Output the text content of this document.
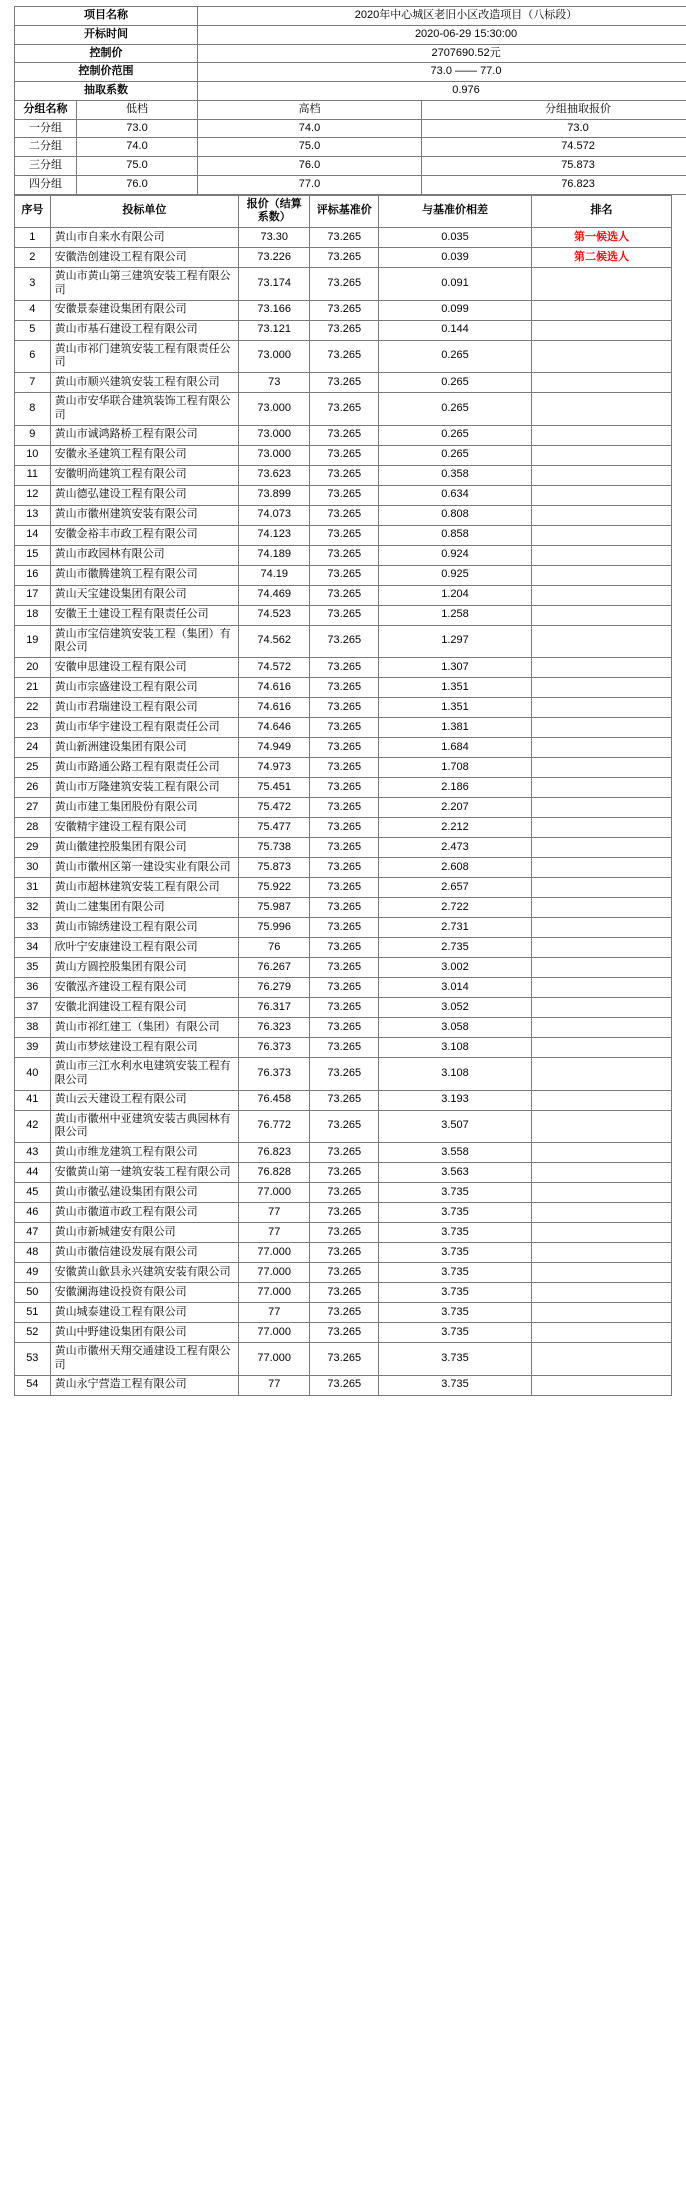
项目名称		2020年中心城区老旧小区改造项目（八标段）	
开标时间		2020-06-29 15:30:00	
控制价		2707690.52元	
控制价范围		73.0 —— 77.0	
抽取系数		0.976	
分组名称	低档	高档	分组抽取报价
一分组	73.0	74.0	73.0
二分组	74.0	75.0	74.572
三分组	75.0	76.0	75.873
四分组	76.0	77.0	76.823
序号	投标单位	报价（结算系数）	评标基准价	与基准价相差	排名
1	黄山市自来水有限公司	73.30	73.265	0.035	第一候选人
2	安徽浩创建设工程有限公司	73.226	73.265	0.039	第二候选人
3	黄山市黄山第三建筑安装工程有限公司	73.174	73.265	0.091	
4	安徽景泰建设集团有限公司	73.166	73.265	0.099	
5	黄山市基石建设工程有限公司	73.121	73.265	0.144	
6	黄山市祁门建筑安装工程有限责任公司	73.000	73.265	0.265	
7	黄山市顺兴建筑安装工程有限公司	73	73.265	0.265	
8	黄山市安华联合建筑装饰工程有限公司	73.000	73.265	0.265	
9	黄山市诚鸿路桥工程有限公司	73.000	73.265	0.265	
10	安徽永圣建筑工程有限公司	73.000	73.265	0.265	
11	安徽明尚建筑工程有限公司	73.623	73.265	0.358	
12	黄山德弘建设工程有限公司	73.899	73.265	0.634	
13	黄山市徽州建筑安装有限公司	74.073	73.265	0.808	
14	安徽金裕丰市政工程有限公司	74.123	73.265	0.858	
15	黄山市政园林有限公司	74.189	73.265	0.924	
16	黄山市徽腾建筑工程有限公司	74.19	73.265	0.925	
17	黄山天宝建设集团有限公司	74.469	73.265	1.204	
18	安徽王土建设工程有限责任公司	74.523	73.265	1.258	
19	黄山市宝信建筑安装工程（集团）有限公司	74.562	73.265	1.297	
20	安徽申思建设工程有限公司	74.572	73.265	1.307	
21	黄山市宗盛建设工程有限公司	74.616	73.265	1.351	
22	黄山市君瑞建设工程有限公司	74.616	73.265	1.351	
23	黄山市华宇建设工程有限责任公司	74.646	73.265	1.381	
24	黄山新洲建设集团有限公司	74.949	73.265	1.684	
25	黄山市路通公路工程有限责任公司	74.973	73.265	1.708	
26	黄山市万隆建筑安装工程有限公司	75.451	73.265	2.186	
27	黄山市建工集团股份有限公司	75.472	73.265	2.207	
28	安徽精宇建设工程有限公司	75.477	73.265	2.212	
29	黄山徽建控股集团有限公司	75.738	73.265	2.473	
30	黄山市徽州区第一建设实业有限公司	75.873	73.265	2.608	
31	黄山市超林建筑安装工程有限公司	75.922	73.265	2.657	
32	黄山二建集团有限公司	75.987	73.265	2.722	
33	黄山市锦绣建设工程有限公司	75.996	73.265	2.731	
34	欣叶宁安康建设工程有限公司	76	73.265	2.735	
35	黄山方圆控股集团有限公司	76.267	73.265	3.002	
36	安徽泓齐建设工程有限公司	76.279	73.265	3.014	
37	安徽北润建设工程有限公司	76.317	73.265	3.052	
38	黄山市祁红建工（集团）有限公司	76.323	73.265	3.058	
39	黄山市梦炫建设工程有限公司	76.373	73.265	3.108	
40	黄山市三江水利水电建筑安装工程有限公司	76.373	73.265	3.108	
41	黄山云天建设工程有限公司	76.458	73.265	3.193	
42	黄山市徽州中亚建筑安装古典园林有限公司	76.772	73.265	3.507	
43	黄山市维龙建筑工程有限公司	76.823	73.265	3.558	
44	安徽黄山第一建筑安装工程有限公司	76.828	73.265	3.563	
45	黄山市徽弘建设集团有限公司	77.000	73.265	3.735	
46	黄山市徽道市政工程有限公司	77	73.265	3.735	
47	黄山市新城建安有限公司	77	73.265	3.735	
48	黄山市徽信建设发展有限公司	77.000	73.265	3.735	
49	安徽黄山歙县永兴建筑安装有限公司	77.000	73.265	3.735	
50	安徽澜海建设投资有限公司	77.000	73.265	3.735	
51	黄山城泰建设工程有限公司	77	73.265	3.735	
52	黄山中野建设集团有限公司	77.000	73.265	3.735	
53	黄山市徽州天翔交通建设工程有限公司	77.000	73.265	3.735	
54	黄山永宁营造工程有限公司	77	73.265	3.735	
